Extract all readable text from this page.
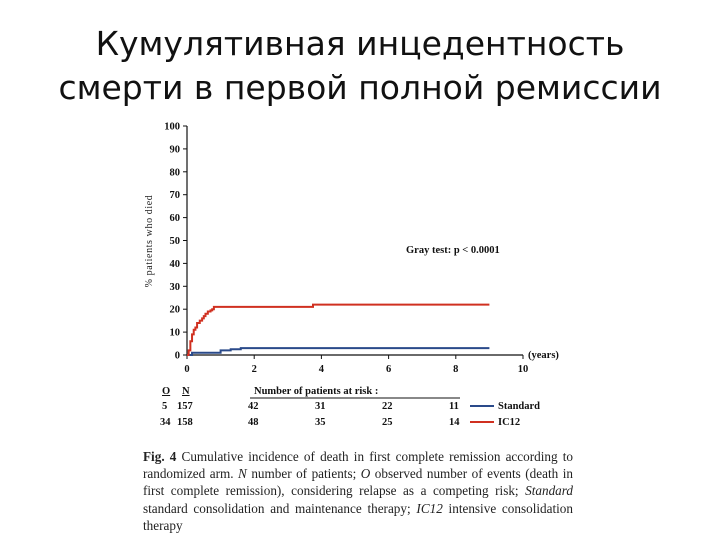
Кумулятивная инцедентность
смерти в первой полной ремиссии
0
10
20
30
40
50
60
70
80
90
100
0	2	4	6	8	10
% patients who died
(years)
Gray test: p < 0.0001
O N	Number of patients at risk :
5 157	42	31	22	11	Standard
34 158	48	35	25	14	IC12
Fig. 4 Cumulative incidence of death in first complete remission according to randomized arm. N number of patients; O observed number of events (death in first complete remission), considering relapse as a competing risk; Standard standard consolidation and maintenance therapy; IC12 intensive consolidation therapy
